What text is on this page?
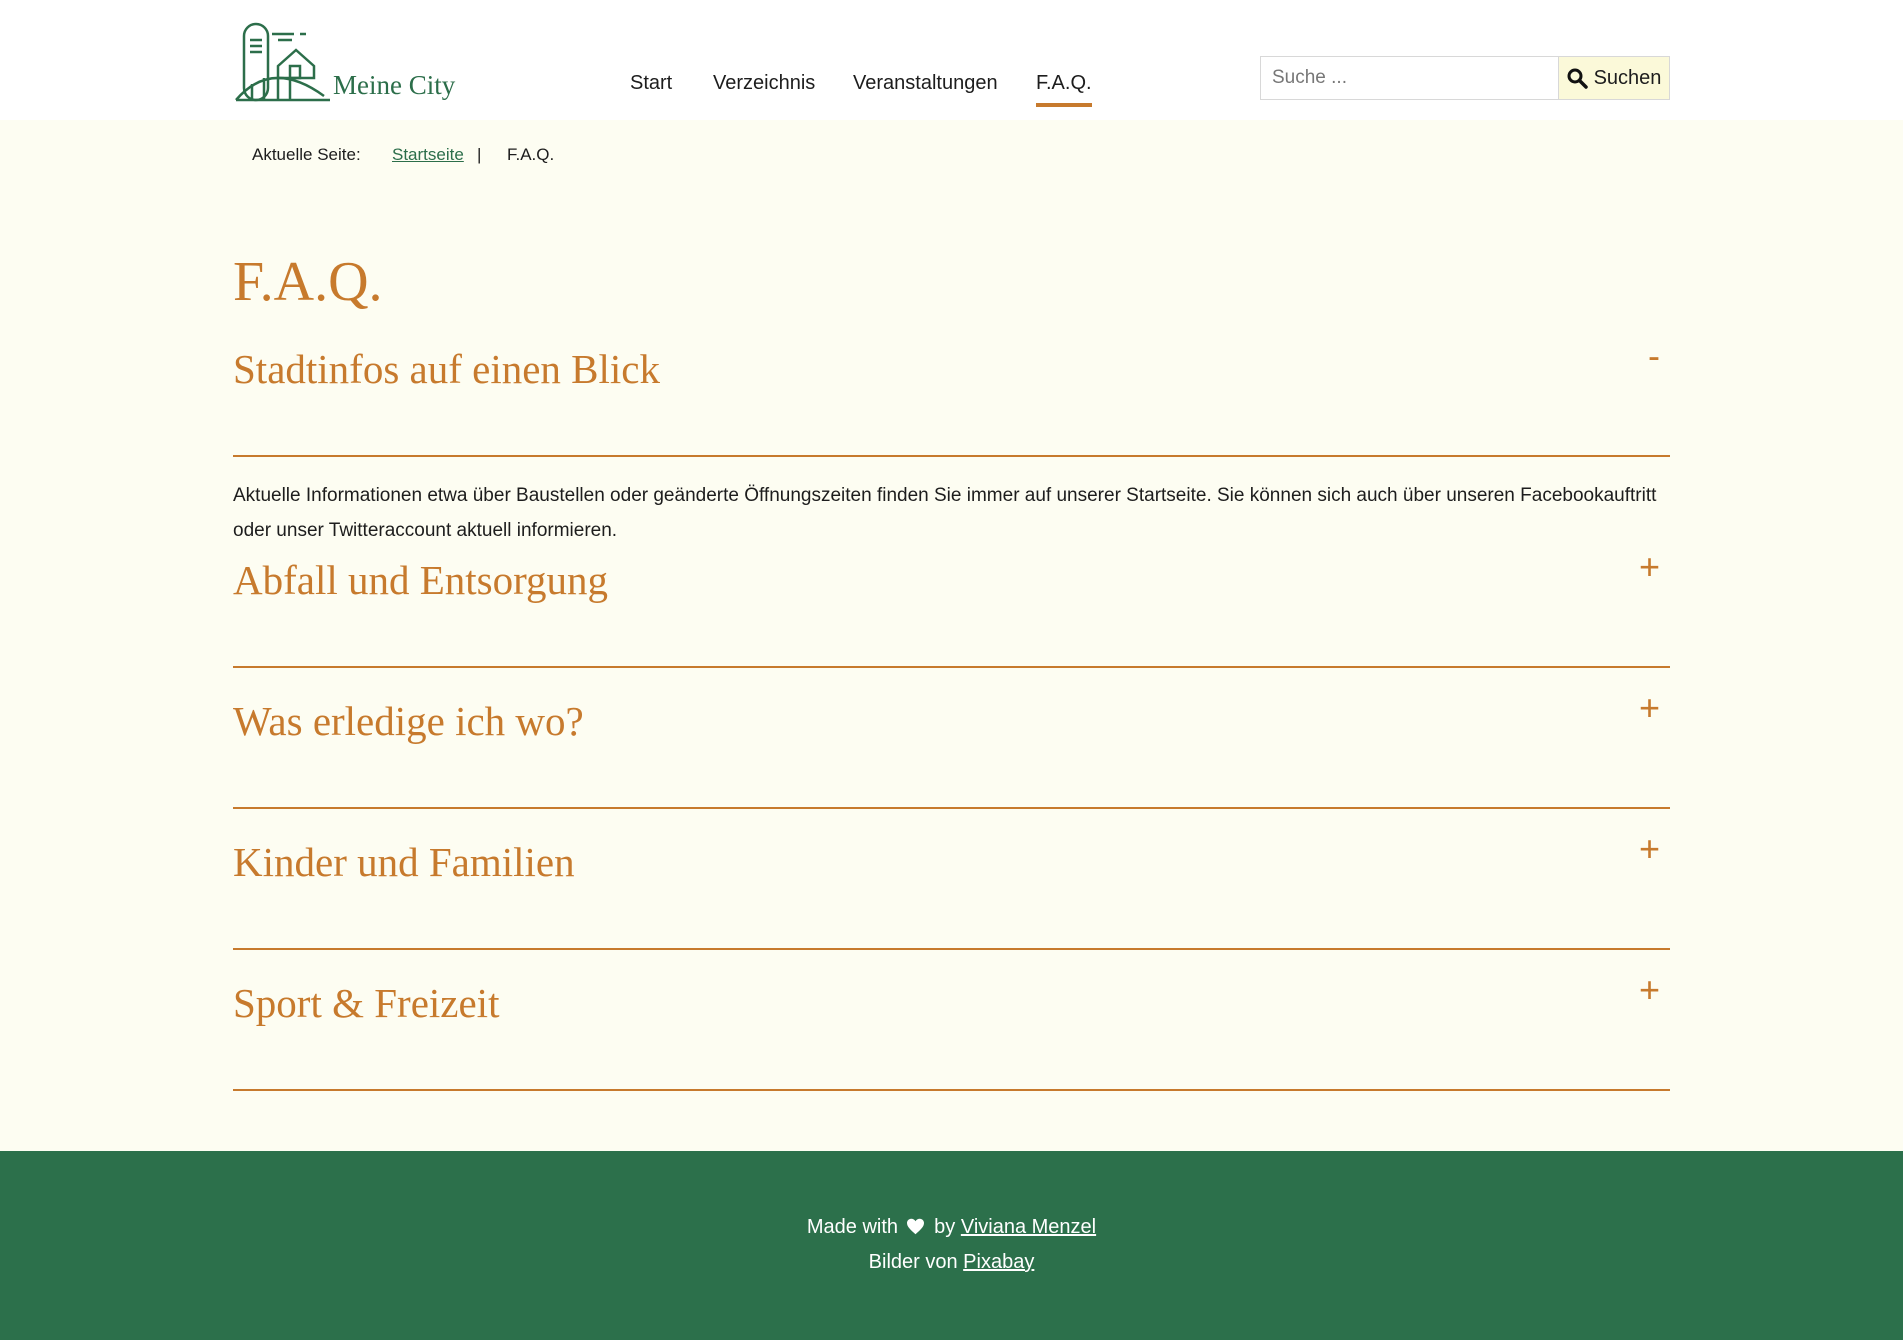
Meine City	Start Verzeichnis Veranstaltungen F.A.Q.
Suche ...	Suchen
Aktuelle Seite: Startseite | F.A.Q.
F.A.Q.
Stadtinfos auf einen Blick	-
Aktuelle Informationen etwa über Baustellen oder geänderte Öffnungszeiten finden Sie immer auf unserer Startseite. Sie können sich auch über unseren Facebookauftritt oder unser Twitteraccount aktuell informieren.
Abfall und Entsorgung	+
Was erledige ich wo?	+
Kinder und Familien	+
Sport & Freizeit	+
Made with by Viviana Menzel
Bilder von Pixabay
